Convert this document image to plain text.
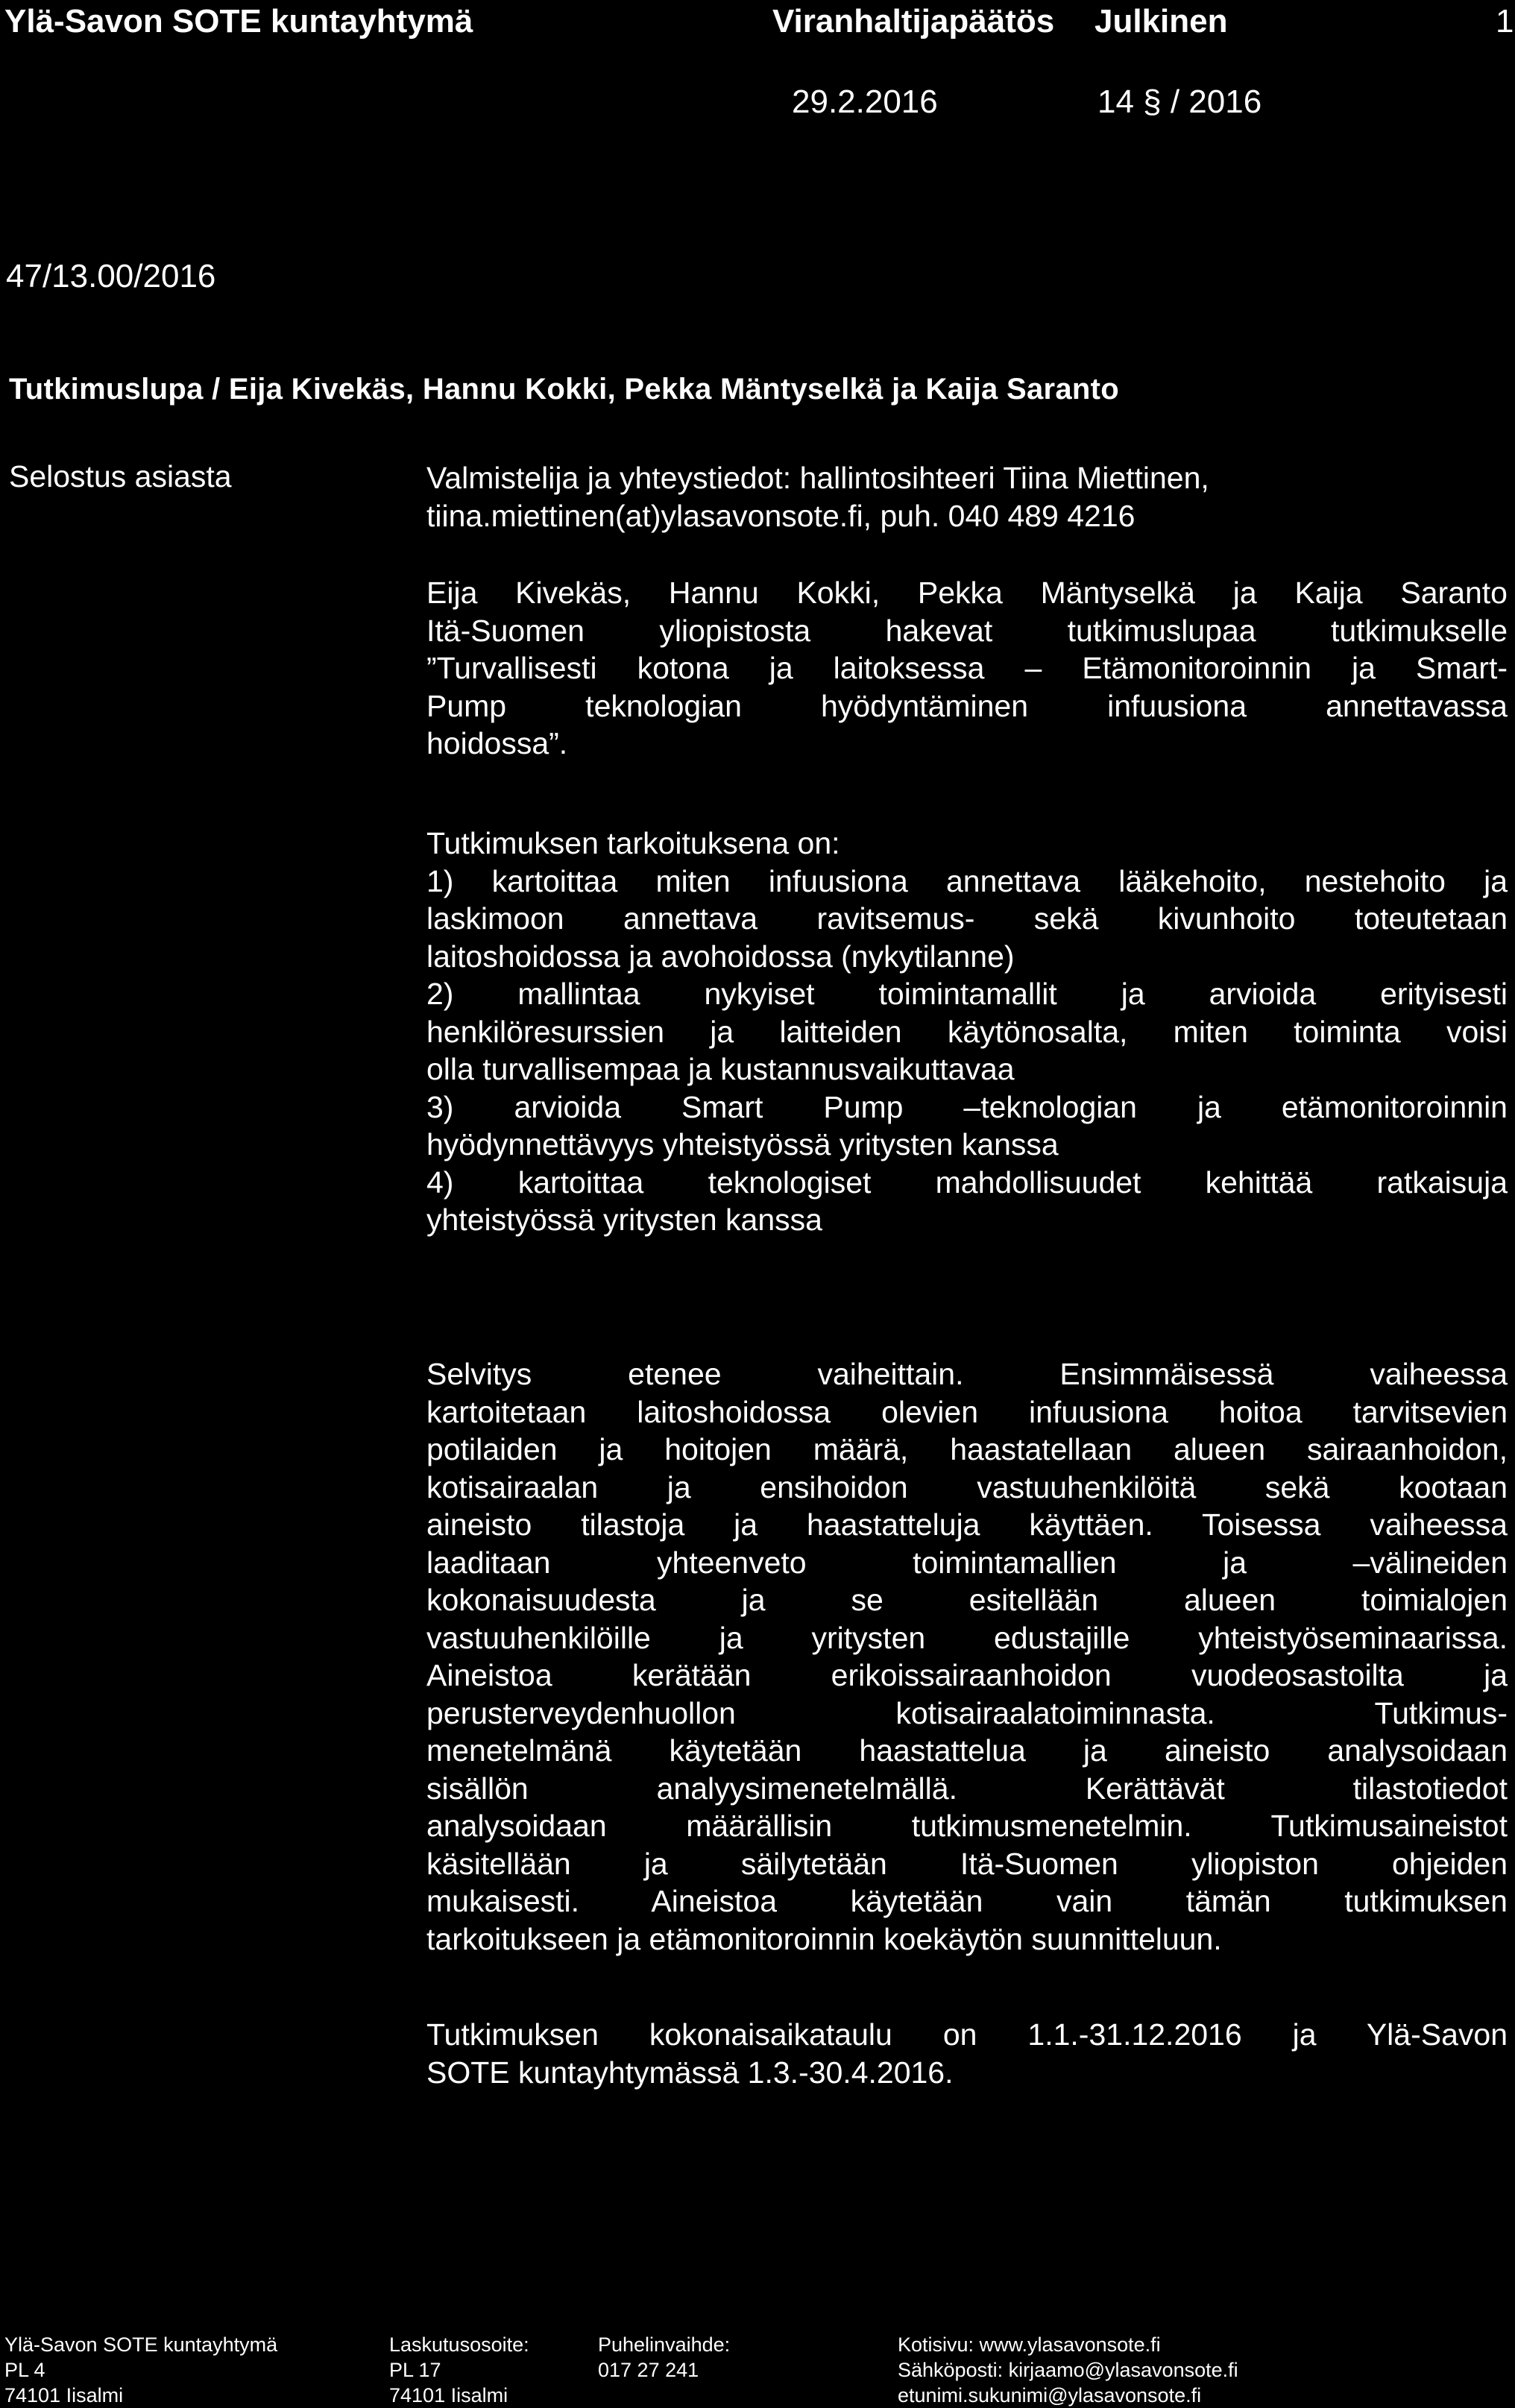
Ylä-Savon SOTE kuntayhtymä	Viranhaltijapäätös Julkinen	1
29.2.2016	14 § / 2016
47/13.00/2016
Tutkimuslupa / Eija Kivekäs, Hannu Kokki, Pekka Mäntyselkä ja Kaija Saranto
Selostus asiasta	Valmistelija ja yhteystiedot: hallintosihteeri Tiina Miettinen,
tiina.miettinen(at)ylasavonsote.fi, puh. 040 489 4216
Eija Kivekäs, Hannu Kokki, Pekka Mäntyselkä ja Kaija Saranto
Itä-Suomen yliopistosta hakevat tutkimuslupaa tutkimukselle
”Turvallisesti kotona ja laitoksessa – Etämonitoroinnin ja Smart-
Pump teknologian hyödyntäminen infuusiona annettavassa
hoidossa”.
Tutkimuksen tarkoituksena on:
1) kartoittaa miten infuusiona annettava lääkehoito, nestehoito ja
laskimoon annettava ravitsemus- sekä kivunhoito toteutetaan
laitoshoidossa ja avohoidossa (nykytilanne)
2) mallintaa nykyiset toimintamallit ja arvioida erityisesti
henkilöresurssien ja laitteiden käytönosalta, miten toiminta voisi
olla turvallisempaa ja kustannusvaikuttavaa
3) arvioida Smart Pump –teknologian ja etämonitoroinnin
hyödynnettävyys yhteistyössä yritysten kanssa
4) kartoittaa teknologiset mahdollisuudet kehittää ratkaisuja
yhteistyössä yritysten kanssa
Selvitys etenee vaiheittain. Ensimmäisessä vaiheessa
kartoitetaan laitoshoidossa olevien infuusiona hoitoa tarvitsevien
potilaiden ja hoitojen määrä, haastatellaan alueen sairaanhoidon,
kotisairaalan ja ensihoidon vastuuhenkilöitä sekä kootaan
aineisto tilastoja ja haastatteluja käyttäen. Toisessa vaiheessa
laaditaan yhteenveto toimintamallien ja –välineiden
kokonaisuudesta ja se esitellään alueen toimialojen
vastuuhenkilöille ja yritysten edustajille yhteistyöseminaarissa.
Aineistoa kerätään erikoissairaanhoidon vuodeosastoilta ja
perusterveydenhuollon kotisairaalatoiminnasta. Tutkimus-
menetelmänä käytetään haastattelua ja aineisto analysoidaan
sisällön analyysimenetelmällä. Kerättävät tilastotiedot
analysoidaan määrällisin tutkimusmenetelmin. Tutkimusaineistot
käsitellään ja säilytetään Itä-Suomen yliopiston ohjeiden
mukaisesti. Aineistoa käytetään vain tämän tutkimuksen
tarkoitukseen ja etämonitoroinnin koekäytön suunnitteluun.
Tutkimuksen kokonaisaikataulu on 1.1.-31.12.2016 ja Ylä-Savon
SOTE kuntayhtymässä 1.3.-30.4.2016.
Ylä-Savon SOTE kuntayhtymä
PL 4
74101 Iisalmi
Laskutusosoite:
PL 17
74101 Iisalmi
Puhelinvaihde:
017 27 241
Kotisivu: www.ylasavonsote.fi
Sähköposti: kirjaamo@ylasavonsote.fi
etunimi.sukunimi@ylasavonsote.fi
